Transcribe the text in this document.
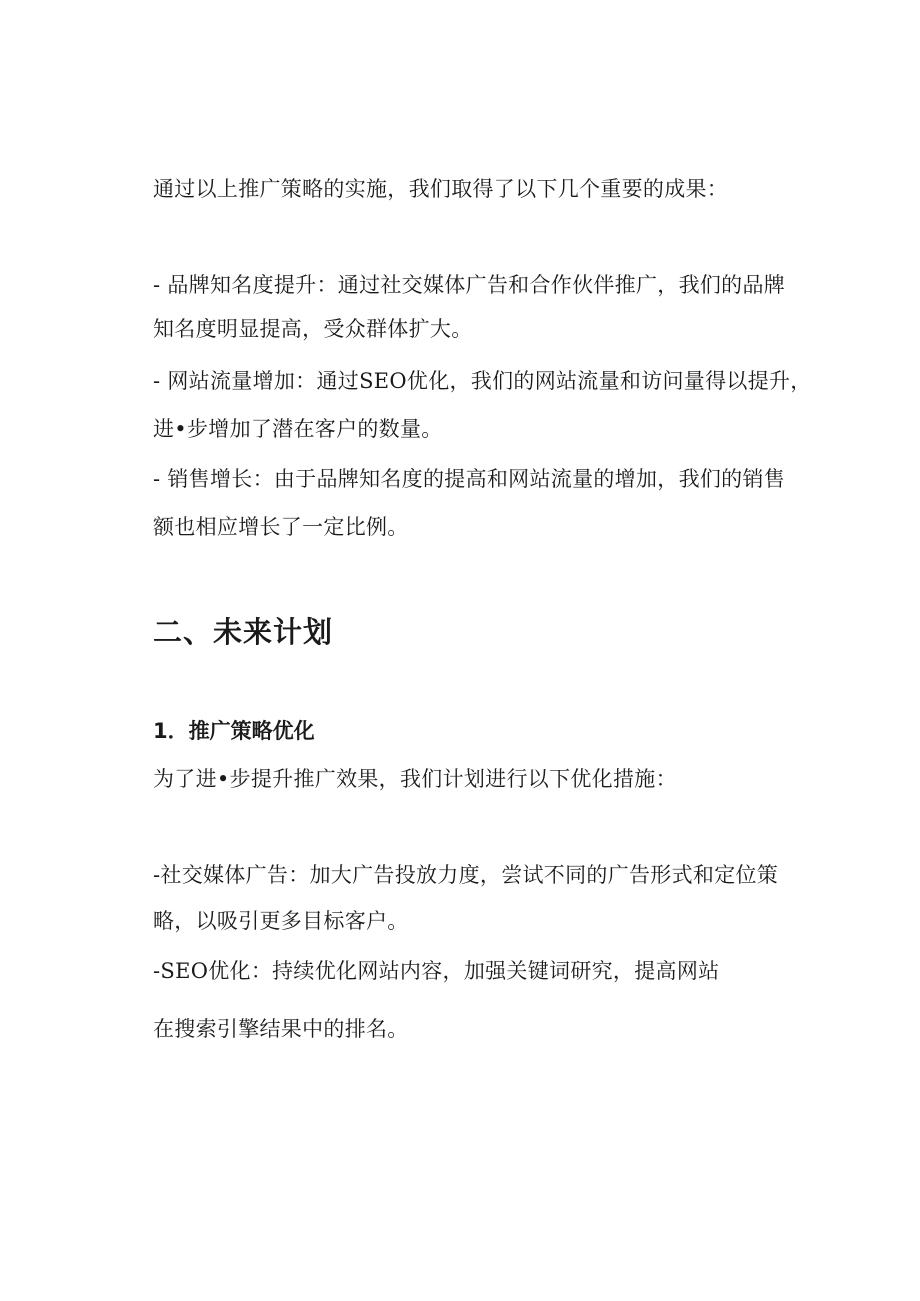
通过以上推广策略的实施，我们取得了以下几个重要的成果：

- 品牌知名度提升：通过社交媒体广告和合作伙伴推广，我们的品牌

知名度明显提高，受众群体扩大。

- 网站流量增加：通过SEO优化，我们的网站流量和访问量得以提升，

进•步增加了潜在客户的数量。

- 销售增长：由于品牌知名度的提高和网站流量的增加，我们的销售

额也相应增长了一定比例。

二、未来计划
1．推广策略优化

为了进•步提升推广效果，我们计划进行以下优化措施：

-社交媒体广告：加大广告投放力度，尝试不同的广告形式和定位策

略，以吸引更多目标客户。

-SEO优化：持续优化网站内容，加强关键词研究，提高网站

在搜索引擎结果中的排名。
